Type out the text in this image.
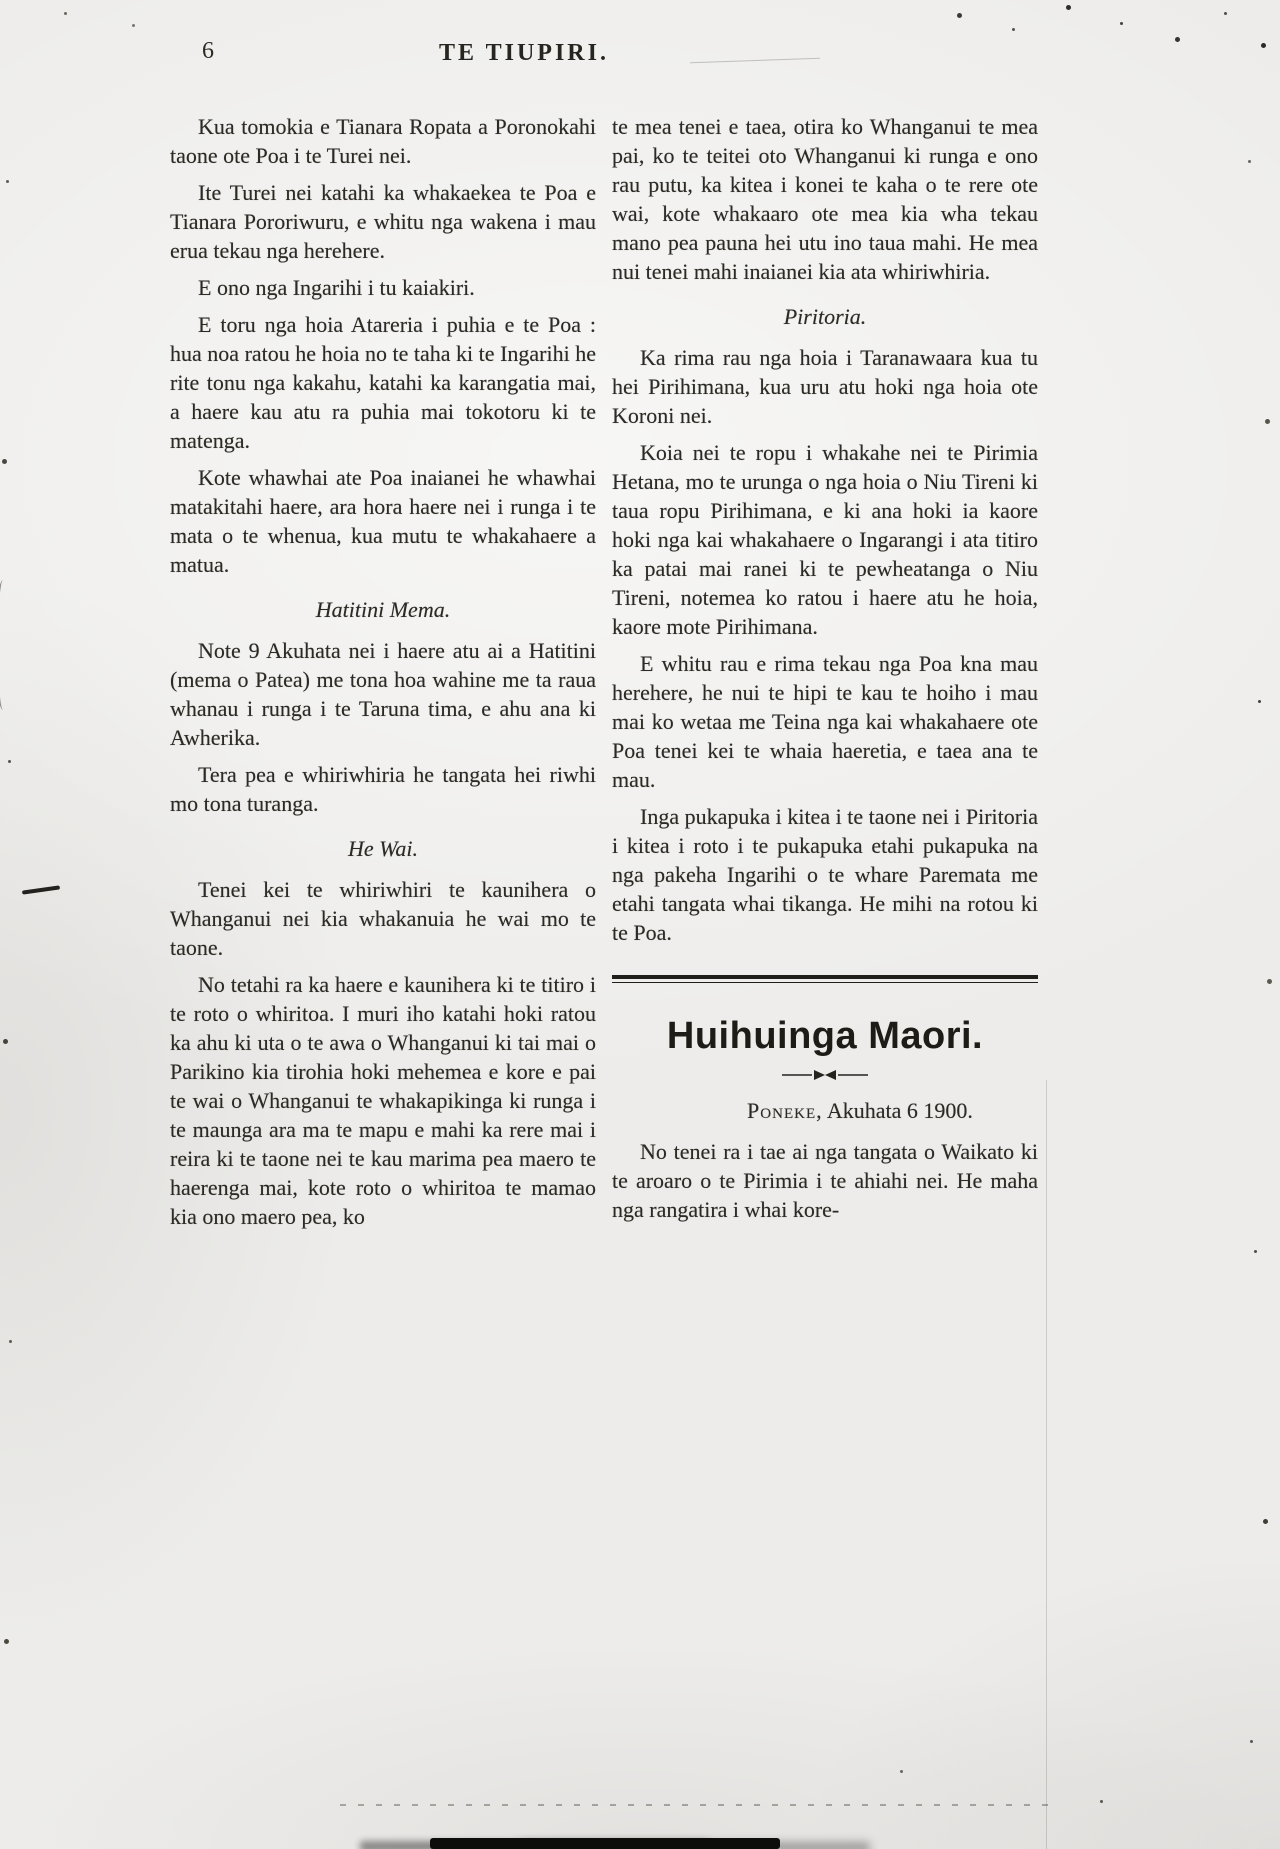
6	TE TIUPIRI.

Kua tomokia e Tianara Ropata a Poronokahi taone ote Poa i te Turei nei.

Ite Turei nei katahi ka whakaekea te Poa e Tianara Pororiwuru, e whitu nga wakena i mau erua tekau nga herehere.

E ono nga Ingarihi i tu kaiakiri.

E toru nga hoia Atareria i puhia e te Poa : hua noa ratou he hoia no te taha ki te Ingarihi he rite tonu nga kakahu, katahi ka karangatia mai, a haere kau atu ra puhia mai tokotoru ki te matenga.

Kote whawhai ate Poa inaianei he whawhai matakitahi haere, ara hora haere nei i runga i te mata o te whenua, kua mutu te whakahaere a matua.

Hatitini Mema.

Note 9 Akuhata nei i haere atu ai a Hatitini (mema o Patea) me tona hoa wahine me ta raua whanau i runga i te Taruna tima, e ahu ana ki Awherika.

Tera pea e whiriwhiria he tangata hei riwhi mo tona turanga.

He Wai.

Tenei kei te whiriwhiri te kaunihera o Whanganui nei kia whakanuia he wai mo te taone.

No tetahi ra ka haere e kaunihera ki te titiro i te roto o whiritoa. I muri iho katahi hoki ratou ka ahu ki uta o te awa o Whanganui ki tai mai o Parikino kia tirohia hoki mehemea e kore e pai te wai o Whanganui te whakapikinga ki runga i te maunga ara ma te mapu e mahi ka rere mai i reira ki te taone nei te kau marima pea maero te haerenga mai, kote roto o whiritoa te mamao kia ono maero pea, ko

te mea tenei e taea, otira ko Whanganui te mea pai, ko te teitei oto Whanganui ki runga e ono rau putu, ka kitea i konei te kaha o te rere ote wai, kote whakaaro ote mea kia wha tekau mano pea pauna hei utu ino taua mahi. He mea nui tenei mahi inaianei kia ata whiriwhiria.

Piritoria.

Ka rima rau nga hoia i Taranawaara kua tu hei Pirihimana, kua uru atu hoki nga hoia ote Koroni nei.

Koia nei te ropu i whakahe nei te Pirimia Hetana, mo te urunga o nga hoia o Niu Tireni ki taua ropu Pirihimana, e ki ana hoki ia kaore hoki nga kai whakahaere o Ingarangi i ata titiro ka patai mai ranei ki te pewheatanga o Niu Tireni, notemea ko ratou i haere atu he hoia, kaore mote Pirihimana.

E whitu rau e rima tekau nga Poa kna mau herehere, he nui te hipi te kau te hoiho i mau mai ko wetaa me Teina nga kai whakahaere ote Poa tenei kei te whaia haeretia, e taea ana te mau.

Inga pukapuka i kitea i te taone nei i Piritoria i kitea i roto i te pukapuka etahi pukapuka na nga pakeha Ingarihi o te whare Paremata me etahi tangata whai tikanga. He mihi na rotou ki te Poa.

Huihuinga Maori.

Poneke, Akuhata 6 1900.

No tenei ra i tae ai nga tangata o Waikato ki te aroaro o te Pirimia i te ahiahi nei. He maha nga rangatira i whai kore-
